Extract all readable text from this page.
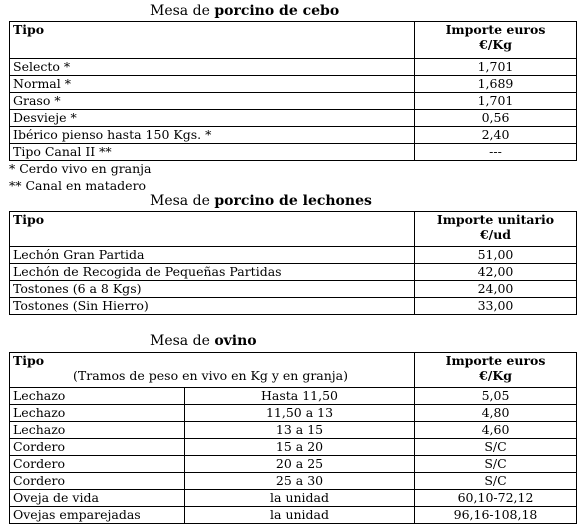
Mesa de porcino de cebo
Tipo	Importe euros
€/Kg

Selecto *	1,701
Normal *	1,689
Graso *	1,701
Desvieje *	0,56
Ibérico pienso hasta 150 Kgs. *	2,40
Tipo Canal II **	---
* Cerdo vivo en granja
** Canal en matadero
Mesa de porcino de lechones
Tipo	Importe unitario
€/ud

Lechón Gran Partida	51,00
Lechón de Recogida de Pequeñas Partidas	42,00
Tostones (6 a 8 Kgs)	24,00
Tostones (Sin Hierro)	33,00
Mesa de ovino
Tipo
(Tramos de peso en vivo en Kg y en granja)		Importe euros
€/Kg

Lechazo	Hasta 11,50	5,05
Lechazo	11,50 a 13	4,80
Lechazo	13 a 15	4,60
Cordero	15 a 20	S/C
Cordero	20 a 25	S/C
Cordero	25 a 30	S/C
Oveja de vida	la unidad	60,10-72,12
Ovejas emparejadas	la unidad	96,16-108,18
